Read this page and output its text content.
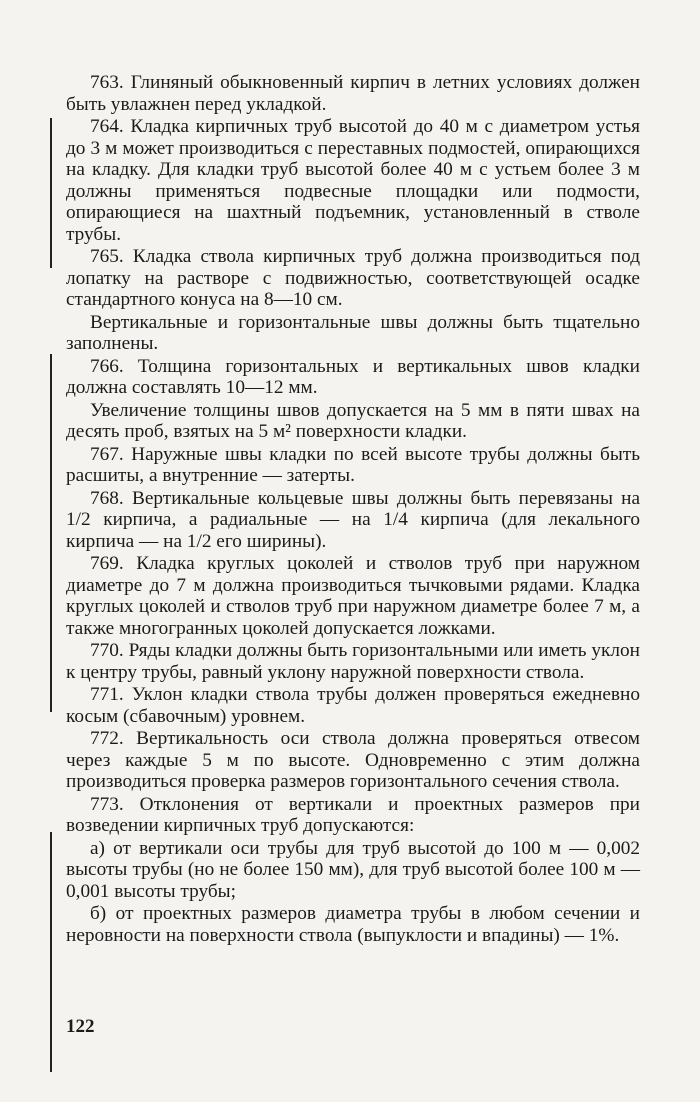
763. Глиняный обыкновенный кирпич в летних условиях должен быть увлажнен перед укладкой.

764. Кладка кирпичных труб высотой до 40 м с диаметром устья до 3 м может производиться с переставных подмостей, опирающихся на кладку. Для кладки труб высотой более 40 м с устьем более 3 м должны применяться подвесные площадки или подмости, опирающиеся на шахтный подъемник, установленный в стволе трубы.

765. Кладка ствола кирпичных труб должна производиться под лопатку на растворе с подвижностью, соответствующей осадке стандартного конуса на 8—10 см.

Вертикальные и горизонтальные швы должны быть тщательно заполнены.

766. Толщина горизонтальных и вертикальных швов кладки должна составлять 10—12 мм.

Увеличение толщины швов допускается на 5 мм в пяти швах на десять проб, взятых на 5 м² поверхности кладки.

767. Наружные швы кладки по всей высоте трубы должны быть расшиты, а внутренние — затерты.

768. Вертикальные кольцевые швы должны быть перевязаны на 1/2 кирпича, а радиальные — на 1/4 кирпича (для лекального кирпича — на 1/2 его ширины).

769. Кладка круглых цоколей и стволов труб при наружном диаметре до 7 м должна производиться тычковыми рядами. Кладка круглых цоколей и стволов труб при наружном диаметре более 7 м, а также многогранных цоколей допускается ложками.

770. Ряды кладки должны быть горизонтальными или иметь уклон к центру трубы, равный уклону наружной поверхности ствола.

771. Уклон кладки ствола трубы должен проверяться ежедневно косым (сбавочным) уровнем.

772. Вертикальность оси ствола должна проверяться отвесом через каждые 5 м по высоте. Одновременно с этим должна производиться проверка размеров горизонтального сечения ствола.

773. Отклонения от вертикали и проектных размеров при возведении кирпичных труб допускаются:

а) от вертикали оси трубы для труб высотой до 100 м — 0,002 высоты трубы (но не более 150 мм), для труб высотой более 100 м — 0,001 высоты трубы;

б) от проектных размеров диаметра трубы в любом сечении и неровности на поверхности ствола (выпуклости и впадины) — 1%.

122
